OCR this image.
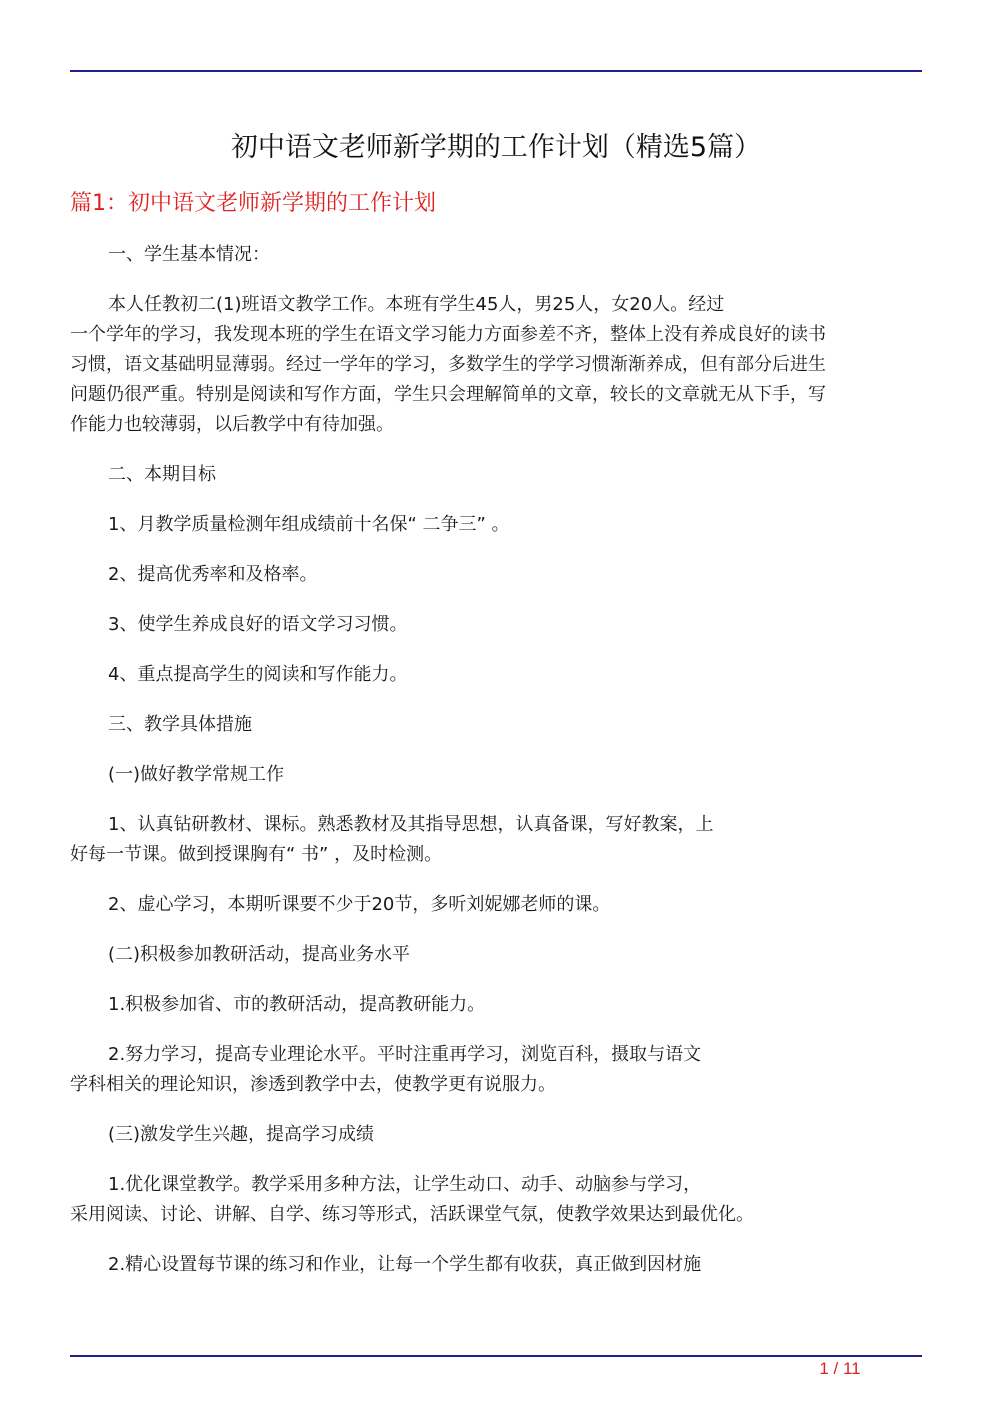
初中语文老师新学期的工作计划（精选5篇）
篇1：初中语文老师新学期的工作计划

一、学生基本情况：

本人任教初二(1)班语文教学工作。本班有学生45人，男25人，女20人。经过
一个学年的学习，我发现本班的学生在语文学习能力方面参差不齐，整体上没有养成良好的读书
习惯，语文基础明显薄弱。经过一学年的学习，多数学生的学学习惯渐渐养成，但有部分后进生
问题仍很严重。特别是阅读和写作方面，学生只会理解简单的文章，较长的文章就无从下手，写
作能力也较薄弱，以后教学中有待加强。

二、本期目标

1、月教学质量检测年组成绩前十名保“ 二争三” 。

2、提高优秀率和及格率。

3、使学生养成良好的语文学习习惯。

4、重点提高学生的阅读和写作能力。

三、教学具体措施

(一)做好教学常规工作

1、认真钻研教材、课标。熟悉教材及其指导思想，认真备课，写好教案，上
好每一节课。做到授课胸有“ 书” ，及时检测。

2、虚心学习，本期听课要不少于20节，多听刘妮娜老师的课。

(二)积极参加教研活动，提高业务水平

1.积极参加省、市的教研活动，提高教研能力。

2.努力学习，提高专业理论水平。平时注重再学习，浏览百科，摄取与语文
学科相关的理论知识，渗透到教学中去，使教学更有说服力。

(三)激发学生兴趣，提高学习成绩

1.优化课堂教学。教学采用多种方法，让学生动口、动手、动脑参与学习，
采用阅读、讨论、讲解、自学、练习等形式，活跃课堂气氛，使教学效果达到最优化。

2.精心设置每节课的练习和作业，让每一个学生都有收获，真正做到因材施

1 / 11
